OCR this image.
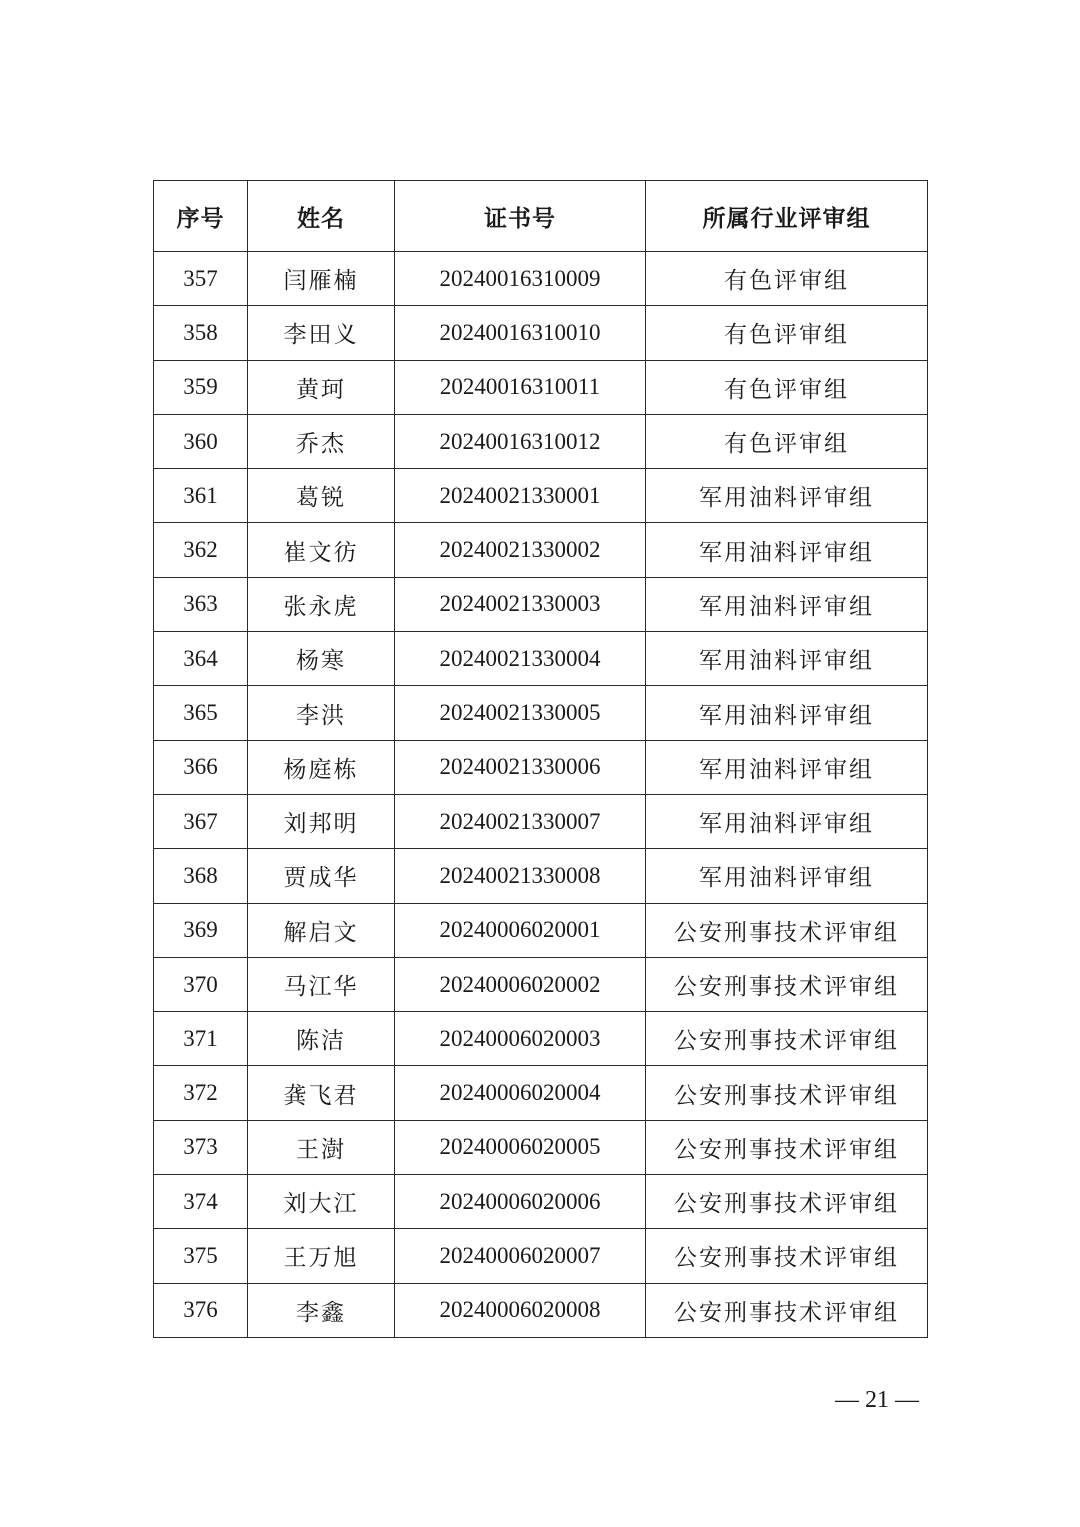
序号	姓名	证书号	所属行业评审组
357	闫雁楠	20240016310009	有色评审组
358	李田义	20240016310010	有色评审组
359	黄珂	20240016310011	有色评审组
360	乔杰	20240016310012	有色评审组
361	葛锐	20240021330001	军用油料评审组
362	崔文彷	20240021330002	军用油料评审组
363	张永虎	20240021330003	军用油料评审组
364	杨寒	20240021330004	军用油料评审组
365	李洪	20240021330005	军用油料评审组
366	杨庭栋	20240021330006	军用油料评审组
367	刘邦明	20240021330007	军用油料评审组
368	贾成华	20240021330008	军用油料评审组
369	解启文	20240006020001	公安刑事技术评审组
370	马江华	20240006020002	公安刑事技术评审组
371	陈洁	20240006020003	公安刑事技术评审组
372	龚飞君	20240006020004	公安刑事技术评审组
373	王澍	20240006020005	公安刑事技术评审组
374	刘大江	20240006020006	公安刑事技术评审组
375	王万旭	20240006020007	公安刑事技术评审组
376	李鑫	20240006020008	公安刑事技术评审组
— 21 —
